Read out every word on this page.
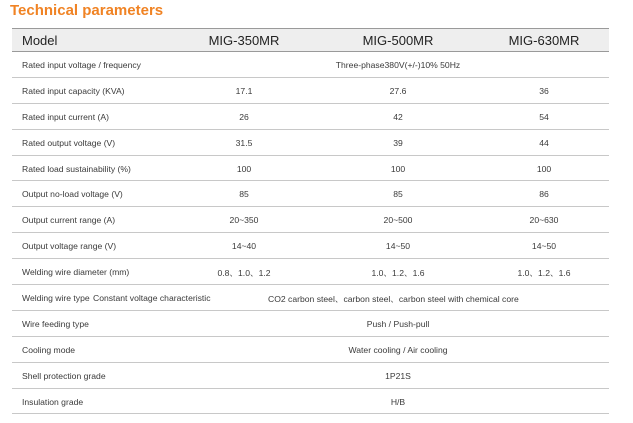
Technical parameters
Model	MIG-350MR	MIG-500MR	MIG-630MR
Rated input voltage / frequency	Three-phase380V(+/-)10% 50Hz
Rated input capacity (KVA)	17.1	27.6	36
Rated input current (A)	26	42	54
Rated output voltage (V)	31.5	39	44
Rated load sustainability (%)	100	100	100
Output no-load voltage (V)	85	85	86
Output current range (A)	20~350	20~500	20~630
Output voltage range (V)	14~40	14~50	14~50
Welding wire diameter (mm)	0.8、1.0、1.2	1.0、1.2、1.6	1.0、1.2、1.6
Welding wire type Constant voltage characteristic	CO2 carbon steel、carbon steel、carbon steel with chemical core
Wire feeding type	Push / Push-pull
Cooling mode	Water cooling / Air cooling
Shell protection grade	1P21S
Insulation grade	H/B
